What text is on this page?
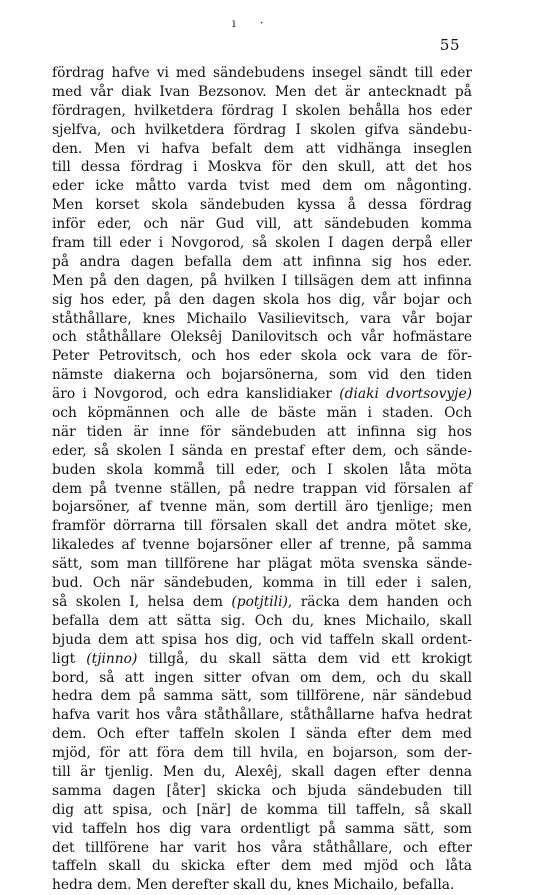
ı ·
55
fördrag hafve vi med sändebudens insegel sändt till eder
med vår diak Ivan Bezsonov. Men det är antecknadt på
fördragen, hvilketdera fördrag I skolen behålla hos eder
sjelfva, och hvilketdera fördrag I skolen gifva sändebu-
den. Men vi hafva befalt dem att vidhänga inseglen
till dessa fördrag i Moskva för den skull, att det hos
eder icke måtto varda tvist med dem om någonting.
Men korset skola sändebuden kyssa å dessa fördrag
inför eder, och när Gud vill, att sändebuden komma
fram till eder i Novgorod, så skolen I dagen derpå eller
på andra dagen befalla dem att infinna sig hos eder.
Men på den dagen, på hvilken I tillsägen dem att infinna
sig hos eder, på den dagen skola hos dig, vår bojar och
ståthållare, knes Michailo Vasilievitsch, vara vår bojar
och ståthållare Oleksêj Danilovitsch och vår hofmästare
Peter Petrovitsch, och hos eder skola ock vara de för-
nämste diakerna och bojarsönerna, som vid den tiden
äro i Novgorod, och edra kanslidiaker (diaki dvortsovyje)
och köpmännen och alle de bäste män i staden. Och
när tiden är inne för sändebuden att infinna sig hos
eder, så skolen I sända en prestaf efter dem, och sände-
buden skola kommå till eder, och I skolen låta möta
dem på tvenne ställen, på nedre trappan vid försalen af
bojarsöner, af tvenne män, som dertill äro tjenlige; men
framför dörrarna till försalen skall det andra mötet ske,
likaledes af tvenne bojarsöner eller af trenne, på samma
sätt, som man tillförene har plägat möta svenska sände-
bud. Och när sändebuden, komma in till eder i salen,
så skolen I, helsa dem (potjtili), räcka dem handen och
befalla dem att sätta sig. Och du, knes Michailo, skall
bjuda dem att spisa hos dig, och vid taffeln skall ordent-
ligt (tjinno) tillgå, du skall sätta dem vid ett krokigt
bord, så att ingen sitter ofvan om dem, och du skall
hedra dem på samma sätt, som tillförene, när sändebud
hafva varit hos våra ståthållare, ståthållarne hafva hedrat
dem. Och efter taffeln skolen I sända efter dem med
mjöd, för att föra dem till hvila, en bojarson, som der-
till är tjenlig. Men du, Alexêj, skall dagen efter denna
samma dagen [åter] skicka och bjuda sändebuden till
dig att spisa, och [när] de komma till taffeln, så skall
vid taffeln hos dig vara ordentligt på samma sätt, som
det tillförene har varit hos våra ståthållare, och efter
taffeln skall du skicka efter dem med mjöd och låta
hedra dem. Men derefter skall du, knes Michailo, befalla.
